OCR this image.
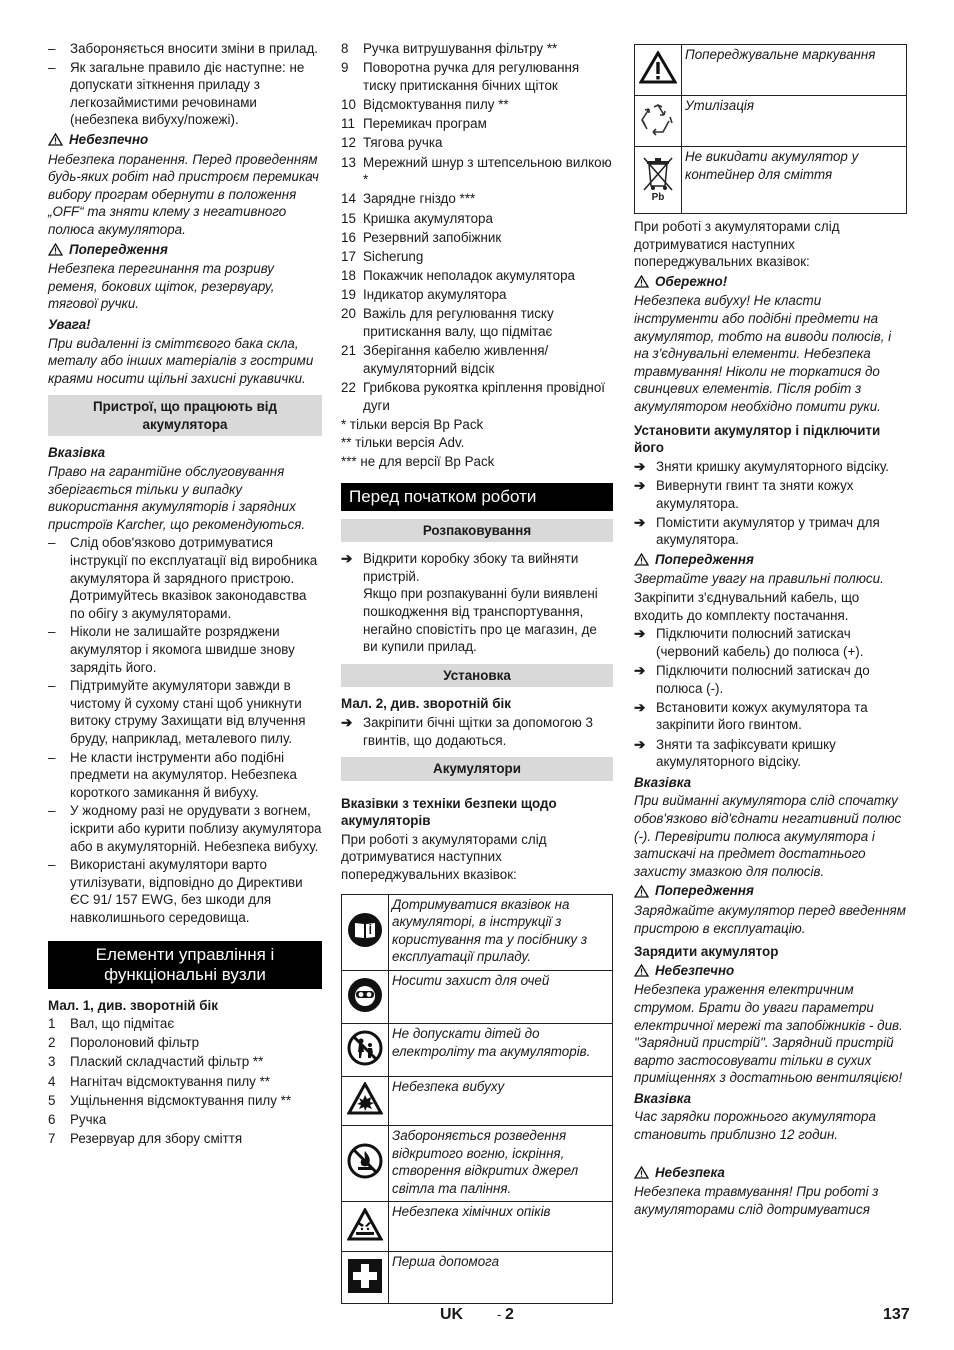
–	Забороняється вносити зміни в прилад.
–	Як загальне правило діє наступне: не допускати зіткнення приладу з легкозаймистими речовинами (небезпека вибуху/пожежі).
Небезпечно
Небезпека поранення. Перед проведенням будь-яких робіт над пристроєм перемикач вибору програм обернути в положення „OFF“ та зняти клему з негативного полюса акумулятора.
Попередження
Небезпека перегинання та розриву ременя, бокових щіток, резервуару, тягової ручки.
Увага!
При видаленні із сміттєвого бака скла, металу або інших матеріалів з гострими краями носити щільні захисні рукавички.
Пристрої, що працюють від акумулятора
Вказівка
Право на гарантійне обслуговування зберігається тільки у випадку використання акумуляторів і зарядних пристроїв Karcher, що рекомендуються.
–	Слід обов'язково дотримуватися інструкції по експлуатації від виробника акумулятора й зарядного пристрою. Дотримуйтесь вказівок законодавства по обігу з акумуляторами.
–	Ніколи не залишайте розряджени акумулятор і якомога швидше знову зарядіть його.
–	Підтримуйте акумулятори завжди в чистому й сухому стані щоб уникнути витоку струму Захищати від влучення бруду, наприклад, металевого пилу.
–	Не класти інструменти або подібні предмети на акумулятор. Небезпека короткого замикання й вибуху.
–	У жодному разі не орудувати з вогнем, іскрити або курити поблизу акумулятора або в акумуляторній. Небезпека вибуху.
–	Використані акумулятори варто утилізувати, відповідно до Директиви ЄС 91/ 157 EWG, без шкоди для навколишнього середовища.
Елементи управління і функціональні вузли
Мал. 1, див. зворотній бік
1	Вал, що підмітає
2	Поролоновий фільтр
3	Плаский складчастий фільтр **
4	Нагнітач відсмоктування пилу **
5	Ущільнення відсмоктування пилу **
6	Ручка
7	Резервуар для збору сміття
8	Ручка витрушування фільтру **
9	Поворотна ручка для регулювання тиску притискання бічних щіток
10 Відсмоктування пилу **
11 Перемикач програм
12 Тягова ручка
13 Мережний шнур з штепсельною вилкою *
14 Зарядне гніздо ***
15 Кришка акумулятора
16 Резервний запобіжник
17 Sicherung
18 Покажчик неполадок акумулятора
19 Індикатор акумулятора
20 Важіль для регулювання тиску притискання валу, що підмітає
21 Зберігання кабелю живлення/ акумуляторний відсік
22 Грибкова рукоятка кріплення провідної дуги
* тільки версія Bp Pack
** тільки версія Adv.
*** не для версії Bp Pack
Перед початком роботи
Розпаковування
➔ Відкрити коробку збоку та вийняти пристрій.
Якщо при розпакуванні були виявлені пошкодження від транспортування, негайно сповістіть про це магазин, де ви купили прилад.
Установка
Мал. 2, див. зворотній бік
➔ Закріпити бічні щітки за допомогою 3 гвинтів, що додаються.
Акумулятори
Вказівки з техніки безпеки щодо акумуляторів
При роботі з акумуляторами слід дотримуватися наступних попереджувальних вказівок:
	Дотримуватися вказівок на акумуляторі, в інструкції з користування та у посібнику з експлуатації приладу.
	Носити захист для очей
	Не допускати дітей до електроліту та акумуляторів.
	Небезпека вибуху
	Забороняється розведення відкритого вогню, іскріння, створення відкритих джерел світла та паління.
	Небезпека хімічних опіків
	Перша допомога
	Попереджувальне маркування
	Утилізація

Pb	Не викидати акумулятор у контейнер для сміття
При роботі з акумуляторами слід дотримуватися наступних попереджувальних вказівок:
Обережно!
Небезпека вибуху! Не класти інструменти або подібні предмети на акумулятор, тобто на виводи полюсів, і на з'єднувальні елементи. Небезпека травмування! Ніколи не торкатися до свинцевих елементів. Після робіт з акумулятором необхідно помити руки.
Установити акумулятор і підключити його
➔ Зняти кришку акумуляторного відсіку.
➔ Вивернути гвинт та зняти кожух акумулятора.
➔ Помістити акумулятор у тримач для акумулятора.
Попередження
Звертайте увагу на правильні полюси.
Закріпити з'єднувальний кабель, що входить до комплекту постачання.
➔ Підключити полюсний затискач (червоний кабель) до полюса (+).
➔ Підключити полюсний затискач до полюса (-).
➔ Встановити кожух акумулятора та закріпити його гвинтом.
➔ Зняти та зафіксувати кришку акумуляторного відсіку.
Вказівка
При вийманні акумулятора слід спочатку обов'язково від'єднати негативний полюс (-). Перевірити полюса акумулятора і затискачі на предмет достатнього захисту змазкою для полюсів.
Попередження
Заряджайте акумулятор перед введенням пристрою в експлуатацію.
Зарядити акумулятор
Небезпечно
Небезпека ураження електричним струмом. Брати до уваги параметри електричної мережі та запобіжників - див. "Зарядний пристрій". Зарядний пристрій варто застосовувати тільки в сухих приміщеннях з достатньою вентиляцією!
Вказівка
Час зарядки порожнього акумулятора становить приблизно 12 годин.
Небезпека
Небезпека травмування! При роботі з акумуляторами слід дотримуватися
UK	- 2	137
